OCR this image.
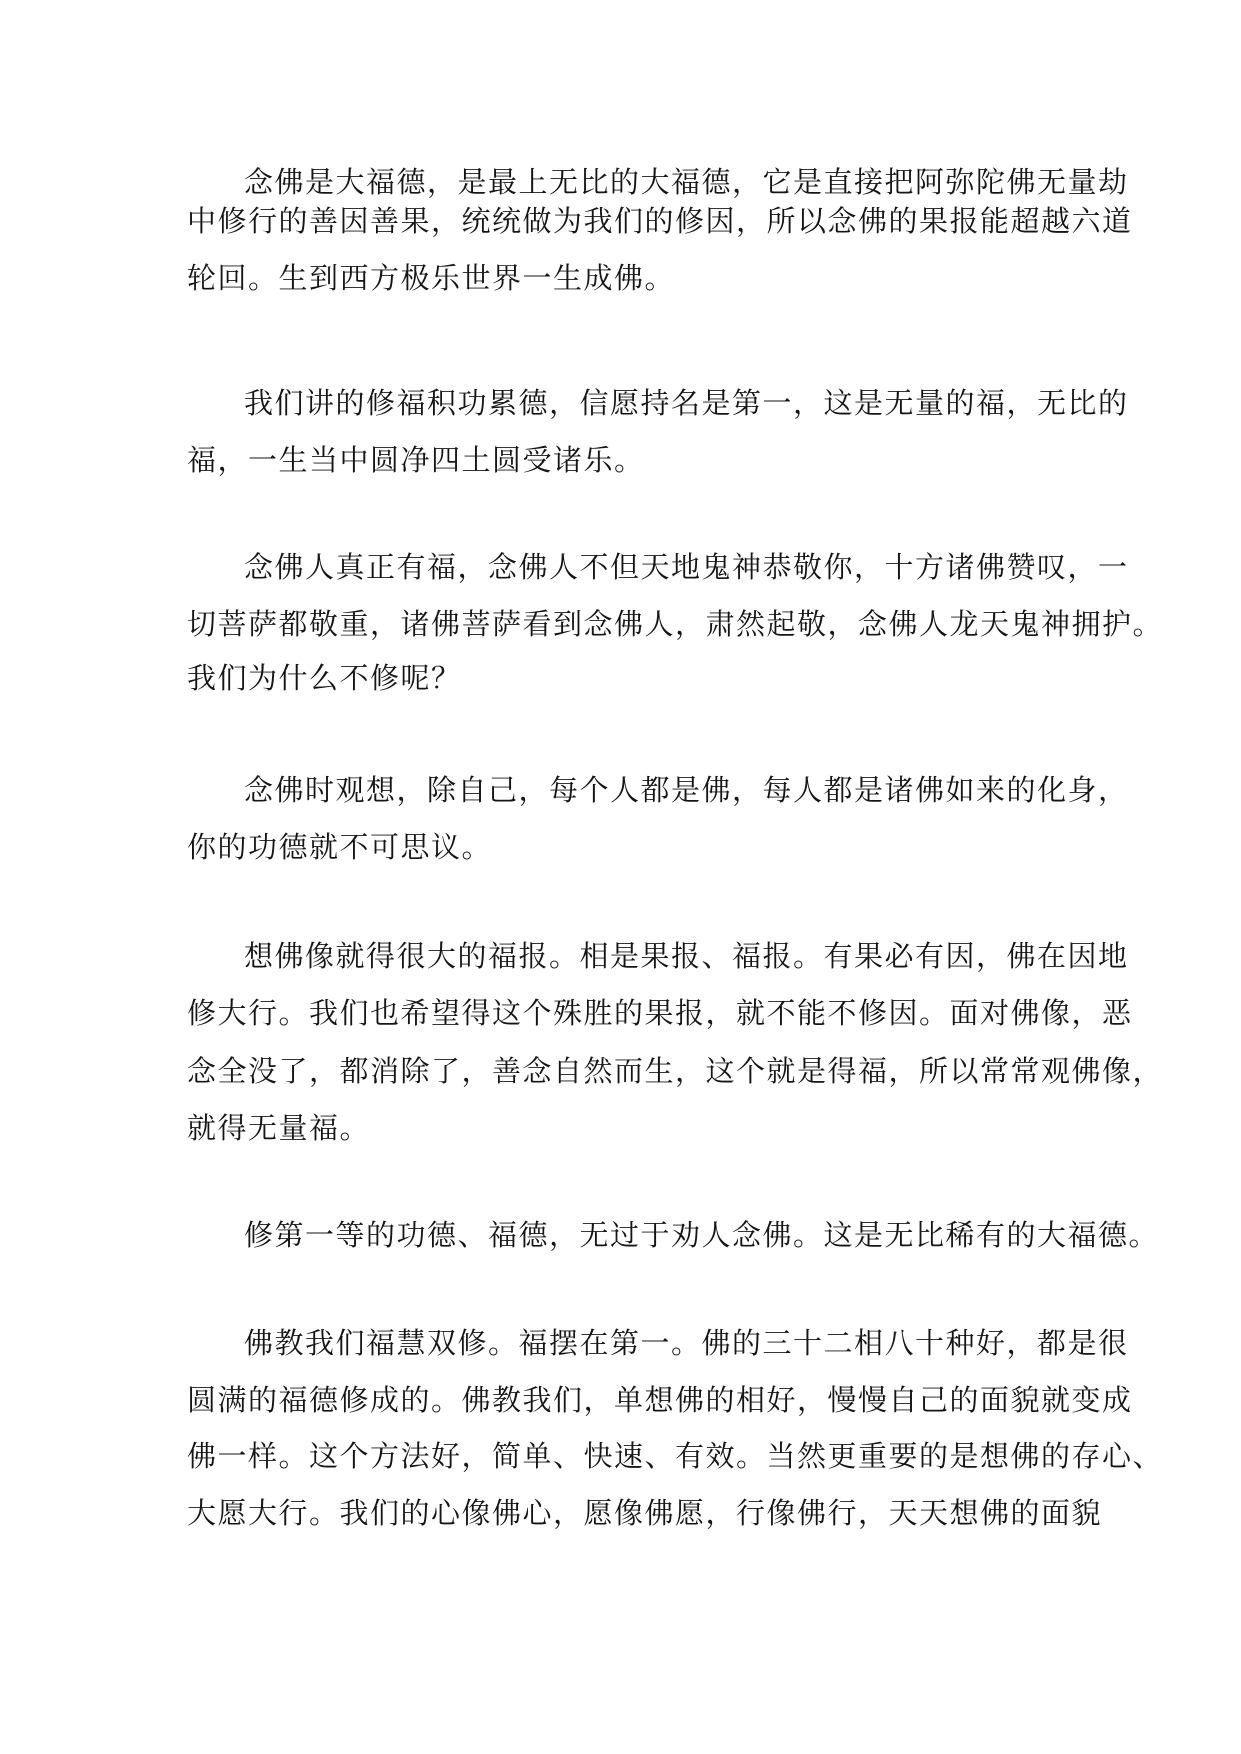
念佛是大福德，是最上无比的大福德，它是直接把阿弥陀佛无量劫
中修行的善因善果，统统做为我们的修因，所以念佛的果报能超越六道
轮回。生到西方极乐世界一生成佛。
我们讲的修福积功累德，信愿持名是第一，这是无量的福，无比的
福，一生当中圆净四土圆受诸乐。
念佛人真正有福，念佛人不但天地鬼神恭敬你，十方诸佛赞叹，一
切菩萨都敬重，诸佛菩萨看到念佛人，肃然起敬，念佛人龙天鬼神拥护。
我们为什么不修呢？
念佛时观想，除自己，每个人都是佛，每人都是诸佛如来的化身，
你的功德就不可思议。
想佛像就得很大的福报。相是果报、福报。有果必有因，佛在因地
修大行。我们也希望得这个殊胜的果报，就不能不修因。面对佛像，恶
念全没了，都消除了，善念自然而生，这个就是得福，所以常常观佛像，
就得无量福。
修第一等的功德、福德，无过于劝人念佛。这是无比稀有的大福德。
佛教我们福慧双修。福摆在第一。佛的三十二相八十种好，都是很
圆满的福德修成的。佛教我们，单想佛的相好，慢慢自己的面貌就变成
佛一样。这个方法好，简单、快速、有效。当然更重要的是想佛的存心、
大愿大行。我们的心像佛心，愿像佛愿，行像佛行，天天想佛的面貌
